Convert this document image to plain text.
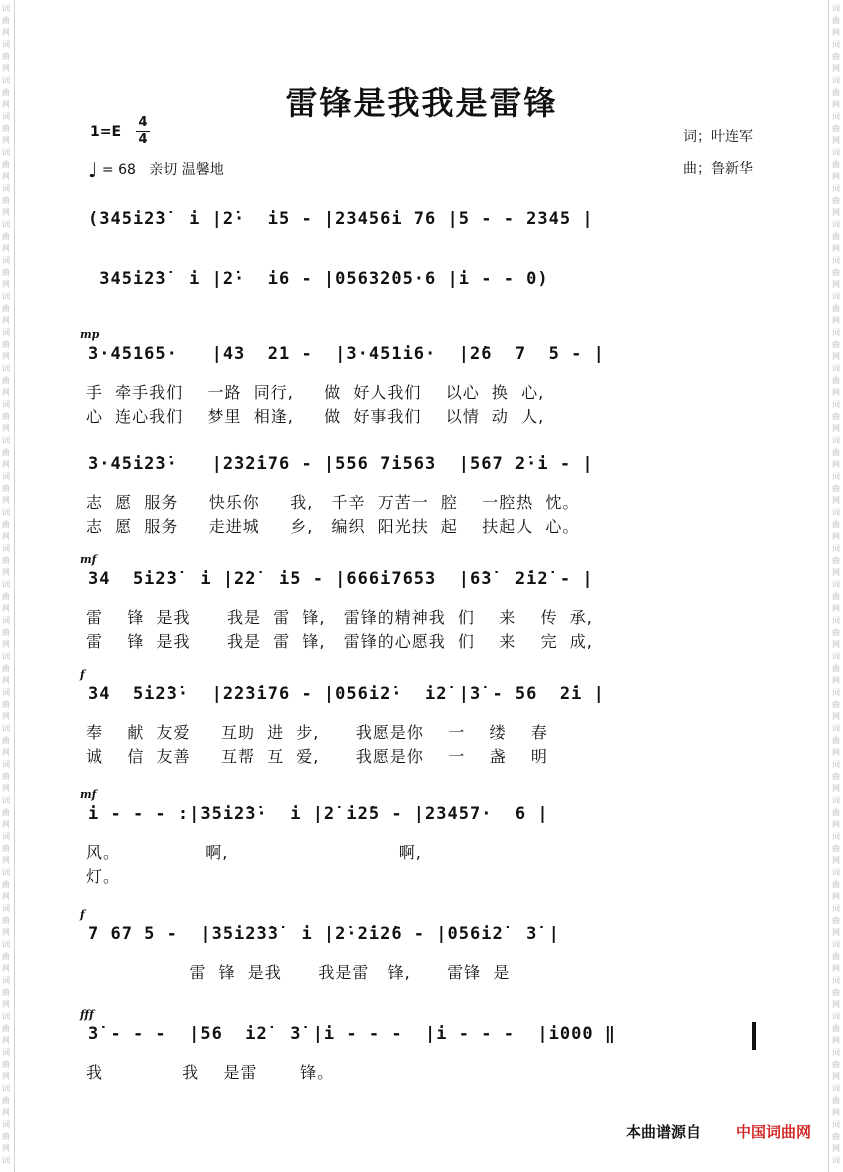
词
曲
网
词
曲
网
词
曲
网
词
曲
网
词
曲
网
词
曲
网
词
曲
网
词
曲
网
词
曲
网
词
曲
网
词
曲
网
词
曲
网
词
曲
网
词
曲
网
词
曲
网
词
曲
网
词
曲
网
词
曲
网
词
曲
网
词
曲
网
词
曲
网
词
曲
网
词
曲
网
词
曲
网
词
曲
网
词
曲
网
词
曲
网
词
曲
网
词
曲
网
词
曲
网
词
曲
网
词
曲
网
词
词
曲
网
词
曲
网
词
曲
网
词
曲
网
词
曲
网
词
曲
网
词
曲
网
词
曲
网
词
曲
网
词
曲
网
词
曲
网
词
曲
网
词
曲
网
词
曲
网
词
曲
网
词
曲
网
词
曲
网
词
曲
网
词
曲
网
词
曲
网
词
曲
网
词
曲
网
词
曲
网
词
曲
网
词
曲
网
词
曲
网
词
曲
网
词
曲
网
词
曲
网
词
曲
网
词
曲
网
词
曲
网
词
雷锋是我我是雷锋
1=E
4
4
♩ = 68 亲切 温馨地
词；叶连军
曲；鲁新华
(345i2̇3̇  i |2̇·  i5 - |23456i 76 |5 - - 2345 |
345i2̇3̇  i |2̇·  i6 - |0563̇2̇05·6 |i - - 0)
mp
3·45165·   |43  21 -  |3·451i6·  |2̇6  7  5 - |
手  牵手我们    一路  同行,     做  好人我们    以心  换  心,
心  连心我们    梦里  相逢,     做  好事我们    以情  动  人,
3·45i2̇3̇·   |2̇3̇2̇i76 - |556 7i563  |567 2̇·i - |
志  愿  服务     快乐你     我,   千辛  万苦一  腔    一腔热  忱。
志  愿  服务     走进城     乡,   编织  阳光扶  起    扶起人  心。
mf
34  5i2̇3̇  i |2̇2̇  i5 - |666i7653  |6̇3̇  2̇i2̇ - |
雷    锋  是我      我是  雷  锋,   雷锋的精神我  们    来    传  承,
雷    锋  是我      我是  雷  锋,   雷锋的心愿我  们    来    完  成,
f
34  5i2̇3̇·  |2̇2̇3̇i76 - |056i2̇·  i2̇ |3̇ - 56  2̇i |
奉    献  友爱     互助  进  步,      我愿是你    一    缕    春
诚    信  友善     互帮  互  爱,      我愿是你    一    盏    明
mf
i - - - :|35i2̇3̇·  i |2̇ i2̇5 - |23457·  6 |
风。              啊,                            啊,
灯。
f
7 67 5 -  |35i2̇3̇3̇  i |2̇·2̇i2̇6 - |056i2̇  3̇ |
雷  锋  是我      我是雷   锋,      雷锋  是
fff
3̇ - - -  |56  i2̇  3̇ |i - - -  |i - - -  |i000 ‖
我             我    是雷       锋。
本曲谱源自 中国词曲网
